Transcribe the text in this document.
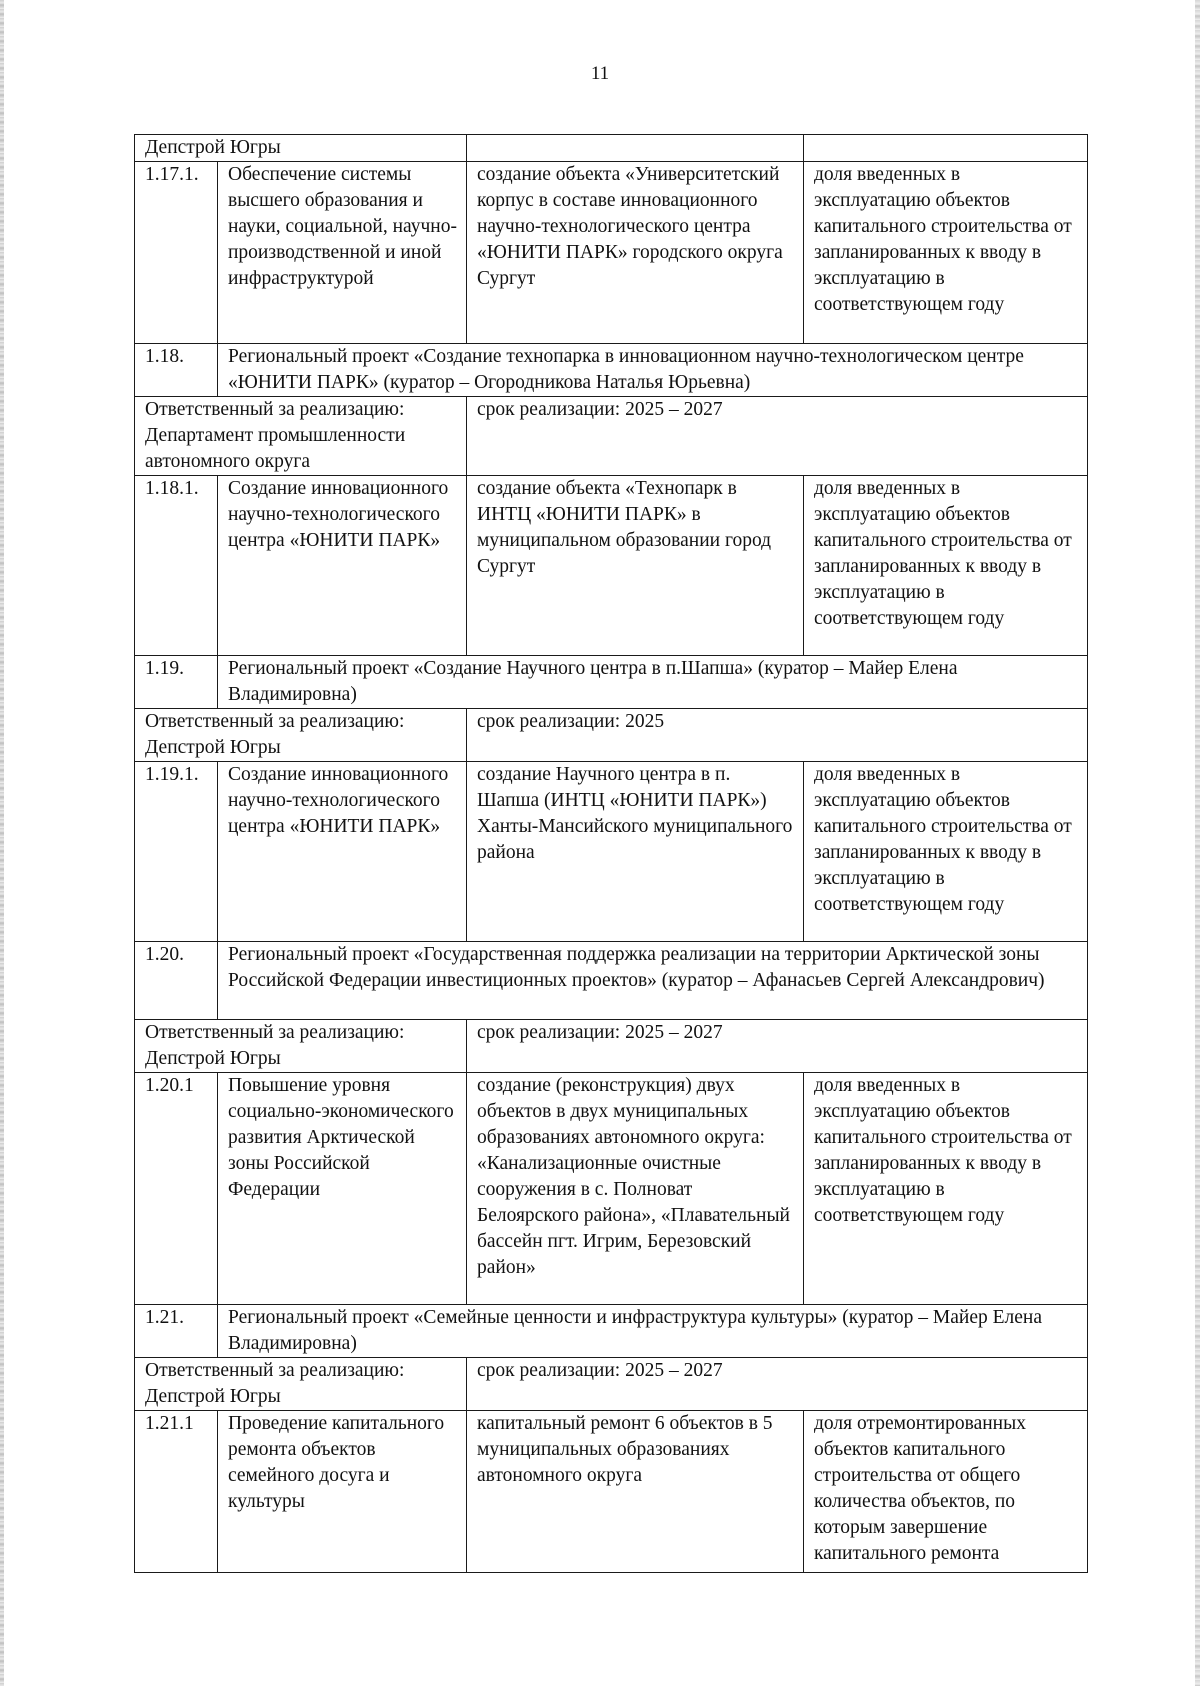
11
Депстрой Югры			
1.17.1.	Обеспечение системы высшего образования и науки, социальной, научно-производственной и иной инфраструктурой	создание объекта «Университетский корпус в составе инновационного научно-технологического центра «ЮНИТИ ПАРК» городского округа Сургут	доля введенных в эксплуатацию объектов капитального строительства от запланированных к вводу в эксплуатацию в соответствующем году
1.18.	Региональный проект «Создание технопарка в инновационном научно-технологическом центре «ЮНИТИ ПАРК» (куратор – Огородникова Наталья Юрьевна)		
Ответственный за реализацию: Департамент промышленности автономного округа		срок реализации: 2025 – 2027	
1.18.1.	Создание инновационного научно-технологического центра «ЮНИТИ ПАРК»	создание объекта «Технопарк в ИНТЦ «ЮНИТИ ПАРК» в муниципальном образовании город Сургут	доля введенных в эксплуатацию объектов капитального строительства от запланированных к вводу в эксплуатацию в соответствующем году
1.19.	Региональный проект «Создание Научного центра в п.Шапша» (куратор – Майер Елена Владимировна)		
Ответственный за реализацию: Депстрой Югры		срок реализации: 2025	
1.19.1.	Создание инновационного научно-технологического центра «ЮНИТИ ПАРК»	создание Научного центра в п. Шапша (ИНТЦ «ЮНИТИ ПАРК») Ханты-Мансийского муниципального района	доля введенных в эксплуатацию объектов капитального строительства от запланированных к вводу в эксплуатацию в соответствующем году
1.20.	Региональный проект «Государственная поддержка реализации на территории Арктической зоны Российской Федерации инвестиционных проектов» (куратор – Афанасьев Сергей Александрович)		
Ответственный за реализацию: Депстрой Югры		срок реализации: 2025 – 2027	
1.20.1	Повышение уровня социально-экономического развития Арктической зоны Российской Федерации	создание (реконструкция) двух объектов в двух муниципальных образованиях автономного округа: «Канализационные очистные сооружения в с. Полноват Белоярского района», «Плавательный бассейн пгт. Игрим, Березовский район»	доля введенных в эксплуатацию объектов капитального строительства от запланированных к вводу в эксплуатацию в соответствующем году
1.21.	Региональный проект «Семейные ценности и инфраструктура культуры» (куратор – Майер Елена Владимировна)		
Ответственный за реализацию: Депстрой Югры		срок реализации: 2025 – 2027	
1.21.1	Проведение капитального ремонта объектов семейного досуга и культуры	капитальный ремонт 6 объектов в 5 муниципальных образованиях автономного округа	доля отремонтированных объектов капитального строительства от общего количества объектов, по которым завершение капитального ремонта
